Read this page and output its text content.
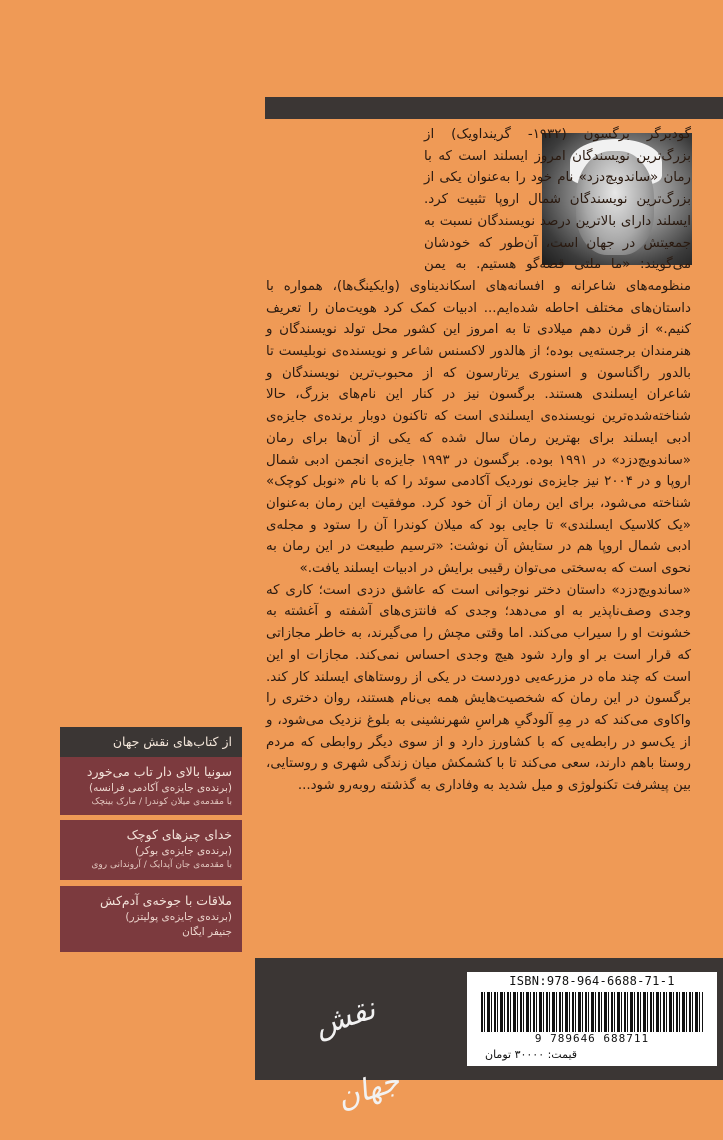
گودبرگر برگسون (۱۹۳۲- گرینداویک) از بزرگ‌ترین نویسندگان امروز ایسلند است که با رمان «ساندویچ‌دزد» نام خود را به‌عنوان یکی از بزرگ‌ترین نویسندگان شمال اروپا تثبیت کرد. ایسلند دارای بالاترین درصد نویسندگان نسبت به جمعیتش در جهان است، آن‌طور که خودشان می‌گویند: «ما ملتی قصه‌گو هستیم. به یمن منظومه‌های شاعرانه و افسانه‌های اسکاندیناوی (وایکینگ‌ها)، همواره با داستان‌های مختلف احاطه شده‌ایم... ادبیات کمک کرد هویت‌مان را تعریف کنیم.» از قرن دهم میلادی تا به امروز این کشور محل تولد نویسندگان و هنرمندان برجسته‌یی بوده؛ از هالدور لاکسنس شاعر و نویسنده‌ی نوبلیست تا بالدور راگناسون و اسنوری یرتارسون که از محبوب‌ترین نویسندگان و شاعران ایسلندی هستند. برگسون نیز در کنار این نام‌های بزرگ، حالا شناخته‌شده‌ترین نویسنده‌ی ایسلندی است که تاکنون دوبار برنده‌ی جایزه‌ی ادبی ایسلند برای بهترین رمان سال شده که یکی از آن‌ها برای رمان «ساندویچ‌دزد» در ۱۹۹۱ بوده. برگسون در ۱۹۹۳ جایزه‌ی انجمن ادبی شمال اروپا و در ۲۰۰۴ نیز جایزه‌ی نوردیک آکادمی سوئد را که با نام «نوبل کوچک» شناخته می‌شود، برای این رمان از آن خود کرد. موفقیت این رمان به‌عنوان «یک کلاسیک ایسلندی» تا جایی بود که میلان کوندرا آن را ستود و مجله‌ی ادبی شمال اروپا هم در ستایش آن نوشت: «ترسیم طبیعت در این رمان به نحوی است که به‌سختی می‌توان رقیبی برایش در ادبیات ایسلند یافت.»

«ساندویچ‌دزد» داستان دختر نوجوانی است که عاشق دزدی است؛ کاری که وجدی وصف‌ناپذیر به او می‌دهد؛ وجدی که فانتزی‌های آشفته و آغشته به خشونت او را سیراب می‌کند. اما وقتی مچش را می‌گیرند، به خاطر مجازاتی که قرار است بر او وارد شود هیچ وجدی احساس نمی‌کند. مجازات او این است که چند ماه در مزرعه‌یی دوردست در یکی از روستاهای ایسلند کار کند. برگسون در این رمان که شخصیت‌هایش همه بی‌نام هستند، روان دختری را واکاوی می‌کند که در مِهِ آلودگیِ هراسِ شهرنشینی به بلوغ نزدیک می‌شود، و از یک‌سو در رابطه‌یی که با کشاورز دارد و از سوی دیگر روابطی که مردم روستا باهم دارند، سعی می‌کند تا با کشمکش میان زندگی شهری و روستایی، بین پیشرفت تکنولوژی و میل شدید به وفاداری به گذشته روبه‌رو شود...

از کتاب‌های نقش جهان
سونیا بالای دار تاب می‌خورد
(برنده‌ی جایزه‌ی آکادمی فرانسه)
با مقدمه‌ی میلان کوندرا / مارک بینچک
خدای چیزهای کوچک
(برنده‌ی جایزه‌ی بوکر)
با مقدمه‌ی جان آپدایک / آروندانی روی
ملاقات با جوخه‌ی آدم‌کش
(برنده‌ی جایزه‌ی پولیتزر)
جنیفر ایگان
نقش جهان
ISBN:978-964-6688-71-1
9 789646 688711
قیمت: ۳۰۰۰۰ تومان
